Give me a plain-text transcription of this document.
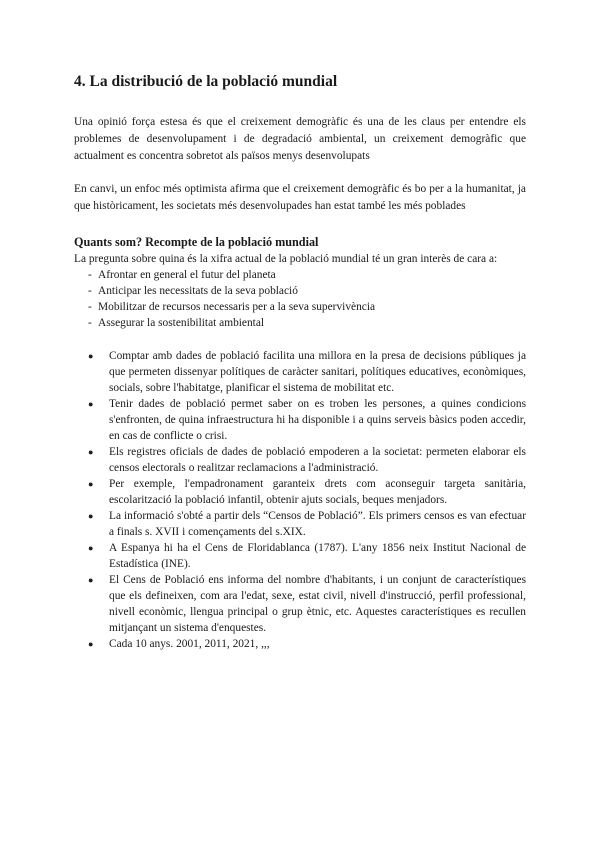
4. La distribució de la població mundial

Una opinió força estesa és que el creixement demogràfic és una de les claus per entendre els problemes de desenvolupament i de degradació ambiental, un creixement demogràfic que actualment es concentra sobretot als països menys desenvolupats

En canvi, un enfoc més optimista afirma que el creixement demogràfic és bo per a la humanitat, ja que històricament, les societats més desenvolupades han estat també les més poblades

Quants som? Recompte de la població mundial

La pregunta sobre quina és la xifra actual de la població mundial té un gran interès de cara a:

- Afrontar en general el futur del planeta
- Anticipar les necessitats de la seva població
- Mobilitzar de recursos necessaris per a la seva supervivència
- Assegurar la sostenibilitat ambiental
● Comptar amb dades de població facilita una millora en la presa de decisions públiques ja que permeten dissenyar polítiques de caràcter sanitari, polítiques educatives, econòmiques, socials, sobre l'habitatge, planificar el sistema de mobilitat etc.
● Tenir dades de població permet saber on es troben les persones, a quines condicions s'enfronten, de quina infraestructura hi ha disponible i a quins serveis bàsics poden accedir, en cas de conflicte o crisi.
● Els registres oficials de dades de població empoderen a la societat: permeten elaborar els censos electorals o realitzar reclamacions a l'administració.
● Per exemple, l'empadronament garanteix drets com aconseguir targeta sanitària, escolarització la població infantil, obtenir ajuts socials, beques menjadors.
● La informació s'obté a partir dels “Censos de Població”. Els primers censos es van efectuar a finals s. XVII i començaments del s.XIX.
● A Espanya hi ha el Cens de Floridablanca (1787). L'any 1856 neix Institut Nacional de Estadística (INE).
● El Cens de Població ens informa del nombre d'habitants, i un conjunt de característiques que els defineixen, com ara l'edat, sexe, estat civil, nivell d'instrucció, perfil professional, nivell econòmic, llengua principal o grup ètnic, etc. Aquestes característiques es recullen mitjançant un sistema d'enquestes.
● Cada 10 anys. 2001, 2011, 2021, ,,,
